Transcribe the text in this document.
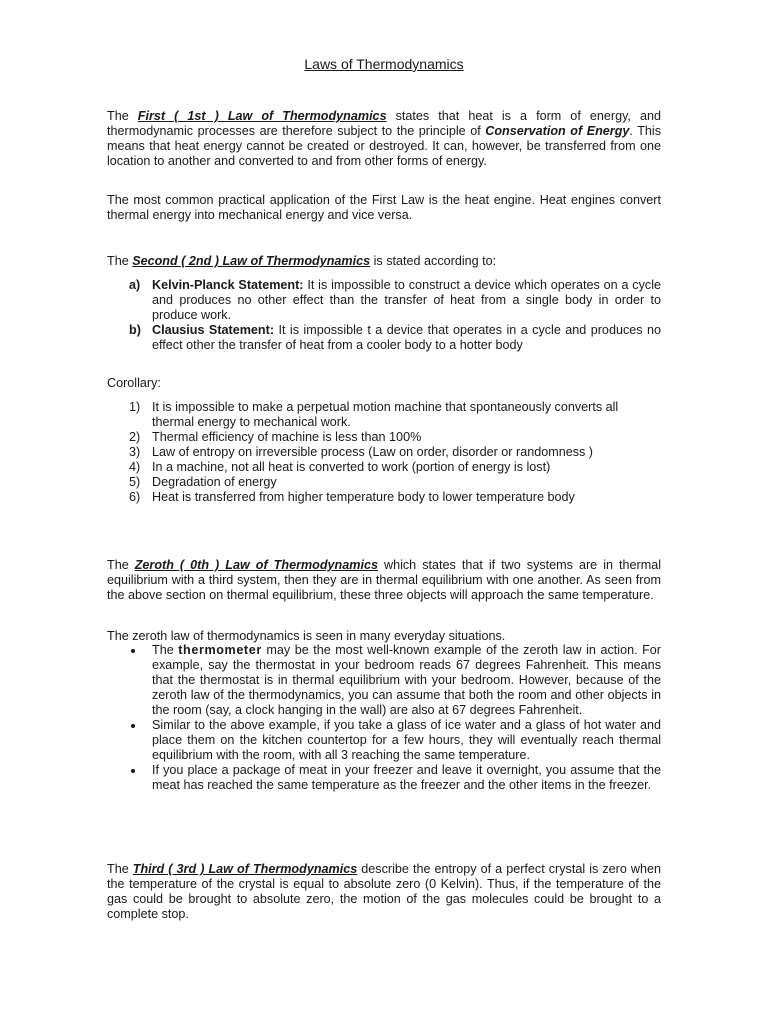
Laws of Thermodynamics

The First ( 1st ) Law of Thermodynamics states that heat is a form of energy, and thermodynamic processes are therefore subject to the principle of Conservation of Energy. This means that heat energy cannot be created or destroyed. It can, however, be transferred from one location to another and converted to and from other forms of energy.

The most common practical application of the First Law is the heat engine. Heat engines convert thermal energy into mechanical energy and vice versa.

The Second ( 2nd ) Law of Thermodynamics is stated according to:

a) Kelvin-Planck Statement: It is impossible to construct a device which operates on a cycle and produces no other effect than the transfer of heat from a single body in order to produce work.
b) Clausius Statement: It is impossible t a device that operates in a cycle and produces no effect other the transfer of heat from a cooler body to a hotter body

Corollary:

1) It is impossible to make a perpetual motion machine that spontaneously converts all thermal energy to mechanical work.
2) Thermal efficiency of machine is less than 100%
3) Law of entropy on irreversible process (Law on order, disorder or randomness )
4) In a machine, not all heat is converted to work (portion of energy is lost)
5) Degradation of energy
6) Heat is transferred from higher temperature body to lower temperature body

The Zeroth ( 0th ) Law of Thermodynamics which states that if two systems are in thermal equilibrium with a third system, then they are in thermal equilibrium with one another. As seen from the above section on thermal equilibrium, these three objects will approach the same temperature.

The zeroth law of thermodynamics is seen in many everyday situations.

The thermometer may be the most well-known example of the zeroth law in action. For example, say the thermostat in your bedroom reads 67 degrees Fahrenheit. This means that the thermostat is in thermal equilibrium with your bedroom. However, because of the zeroth law of the thermodynamics, you can assume that both the room and other objects in the room (say, a clock hanging in the wall) are also at 67 degrees Fahrenheit.
Similar to the above example, if you take a glass of ice water and a glass of hot water and place them on the kitchen countertop for a few hours, they will eventually reach thermal equilibrium with the room, with all 3 reaching the same temperature.
If you place a package of meat in your freezer and leave it overnight, you assume that the meat has reached the same temperature as the freezer and the other items in the freezer.

The Third ( 3rd ) Law of Thermodynamics describe the entropy of a perfect crystal is zero when the temperature of the crystal is equal to absolute zero (0 Kelvin). Thus, if the temperature of the gas could be brought to absolute zero, the motion of the gas molecules could be brought to a complete stop.
